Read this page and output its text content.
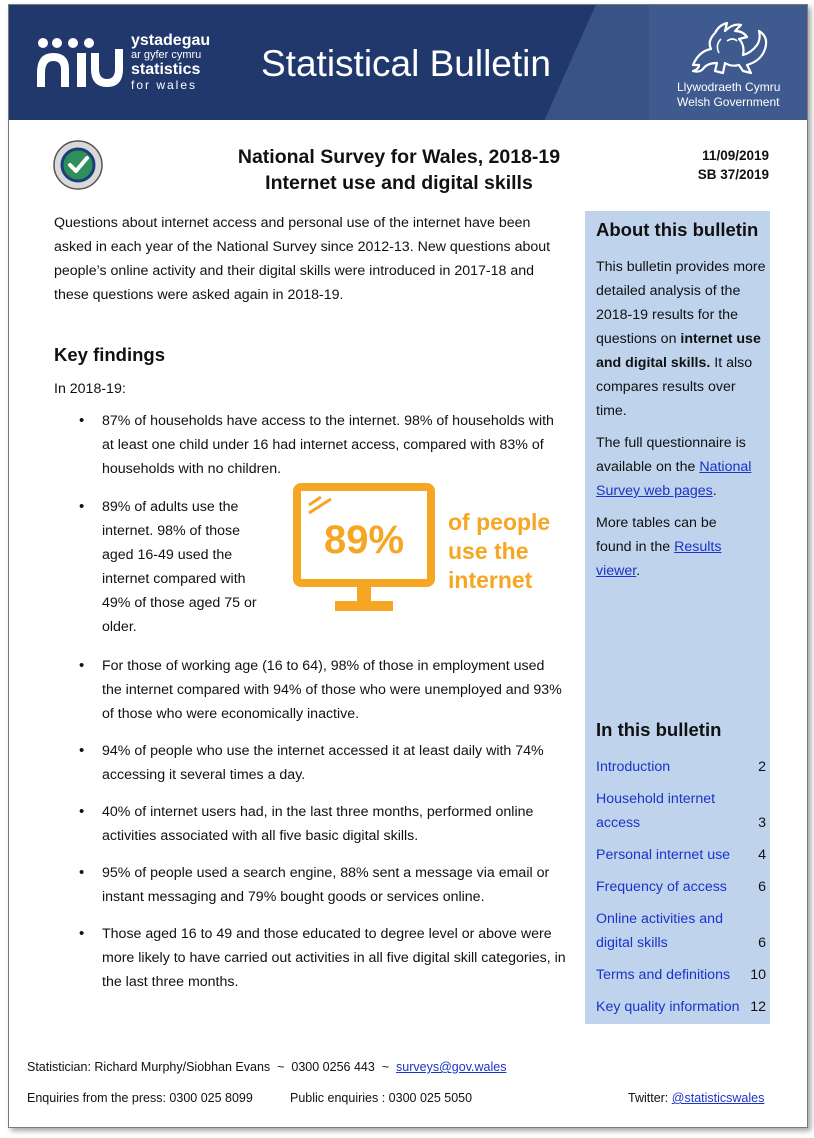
ystadegau
ar gyfer cymru
statistics
for wales
Statistical Bulletin
Llywodraeth Cymru
Welsh Government
National Survey for Wales, 2018-19
Internet use and digital skills
11/09/2019
SB 37/2019

Questions about internet access and personal use of the internet have been asked in each year of the National Survey since 2012-13. New questions about people’s online activity and their digital skills were introduced in 2017-18 and these questions were asked again in 2018-19.

Key findings
In 2018-19:
• 87% of households have access to the internet. 98% of households with at least one child under 16 had internet access, compared with 83% of households with no children.
• 89% of adults use the internet. 98% of those aged 16-49 used the internet compared with 49% of those aged 75 or older.
• For those of working age (16 to 64), 98% of those in employment used the internet compared with 94% of those who were unemployed and 93% of those who were economically inactive.
• 94% of people who use the internet accessed it at least daily with 74% accessing it several times a day.
• 40% of internet users had, in the last three months, performed online activities associated with all five basic digital skills.
• 95% of people used a search engine, 88% sent a message via email or instant messaging and 79% bought goods or services online.
• Those aged 16 to 49 and those educated to degree level or above were more likely to have carried out activities in all five digital skill categories, in the last three months.
89% of people
use the
internet
About this bulletin
This bulletin provides more detailed analysis of the 2018-19 results for the questions on internet use and digital skills. It also compares results over time.
The full questionnaire is available on the National Survey web pages.
More tables can be found in the Results viewer.
In this bulletin
Introduction	2
Household internet access	3
Personal internet use	4
Frequency of access	6
Online activities and digital skills	6
Terms and definitions	10
Key quality information 12
Statistician: Richard Murphy/Siobhan Evans ~ 0300 0256 443 ~ surveys@gov.wales
Enquiries from the press: 0300 025 8099	Public enquiries : 0300 025 5050	Twitter: @statisticswales
